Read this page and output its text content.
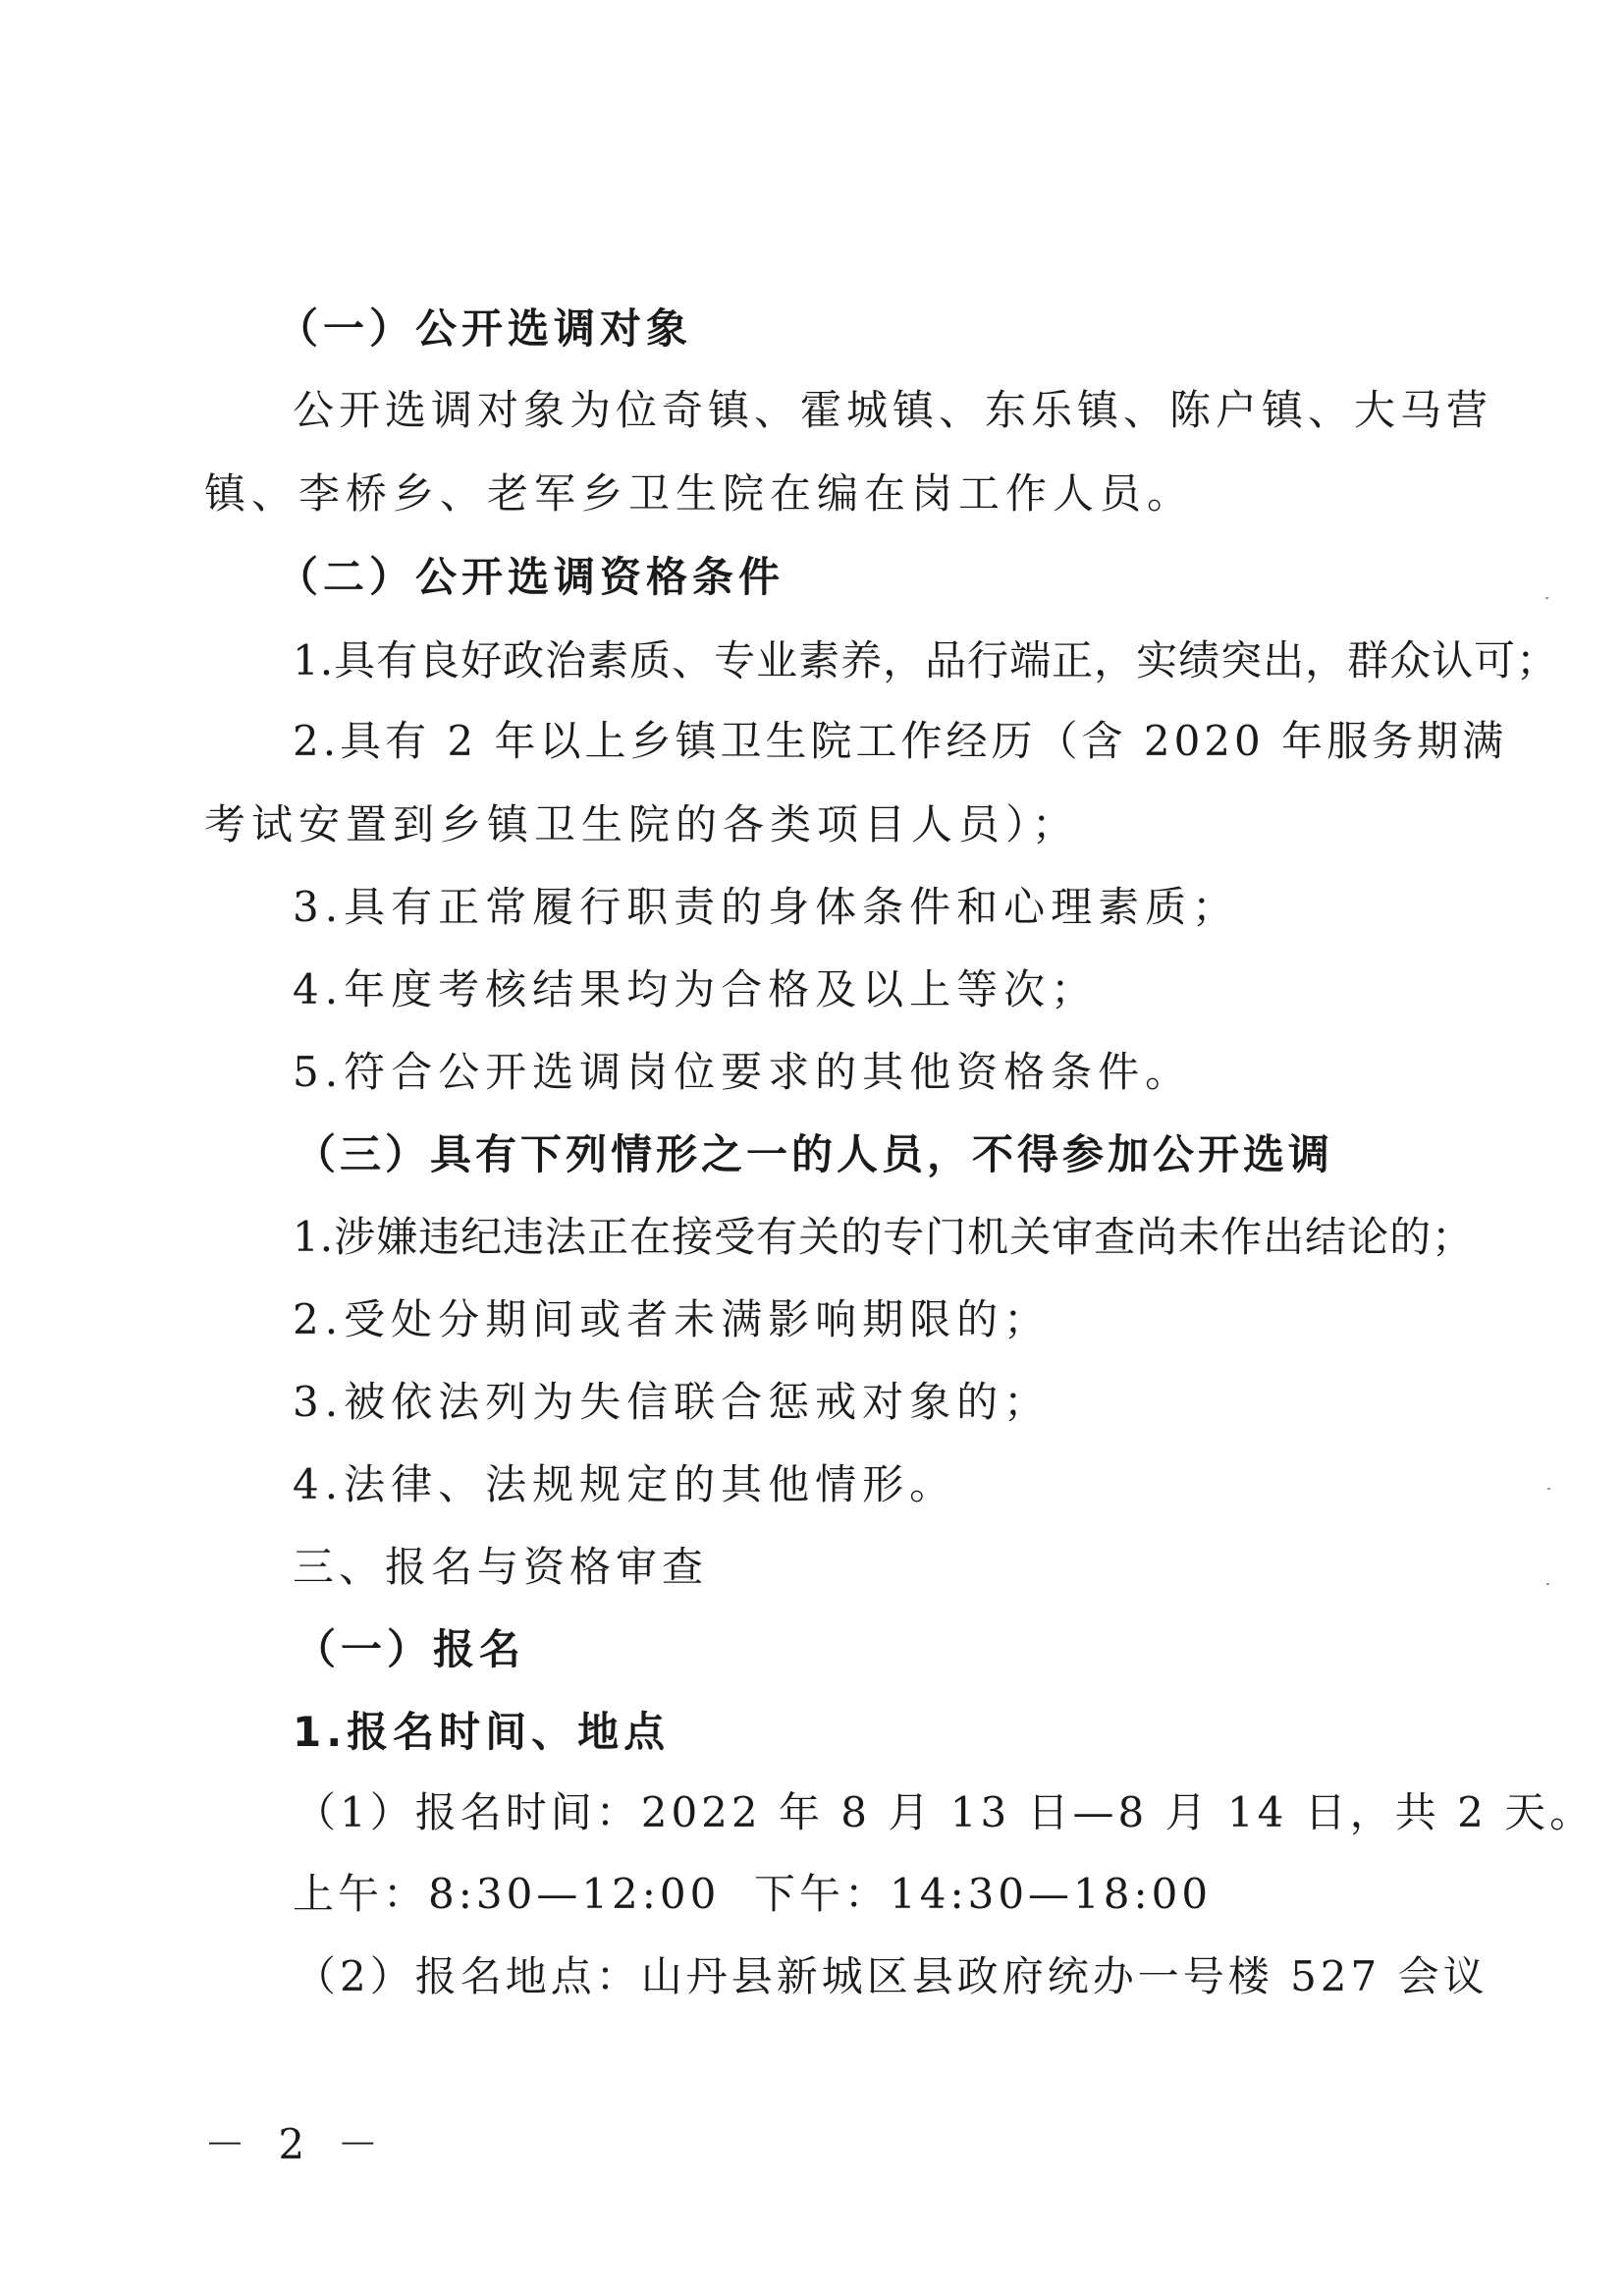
（一）公开选调对象
公开选调对象为位奇镇、霍城镇、东乐镇、陈户镇、大马营
镇、李桥乡、老军乡卫生院在编在岗工作人员。
（二）公开选调资格条件
1.具有良好政治素质、专业素养，品行端正，实绩突出，群众认可；
2.具有 2 年以上乡镇卫生院工作经历（含 2020 年服务期满
考试安置到乡镇卫生院的各类项目人员）；
3.具有正常履行职责的身体条件和心理素质；
4.年度考核结果均为合格及以上等次；
5.符合公开选调岗位要求的其他资格条件。
（三）具有下列情形之一的人员，不得参加公开选调
1.涉嫌违纪违法正在接受有关的专门机关审查尚未作出结论的；
2.受处分期间或者未满影响期限的；
3.被依法列为失信联合惩戒对象的；
4.法律、法规规定的其他情形。
三、报名与资格审查
（一）报名
1.报名时间、地点
（1）报名时间：2022 年 8 月 13 日—8 月 14 日，共 2 天。
上午：8:30—12:00 下午：14:30—18:00
（2）报名地点：山丹县新城区县政府统办一号楼 527 会议
－ 2 －
